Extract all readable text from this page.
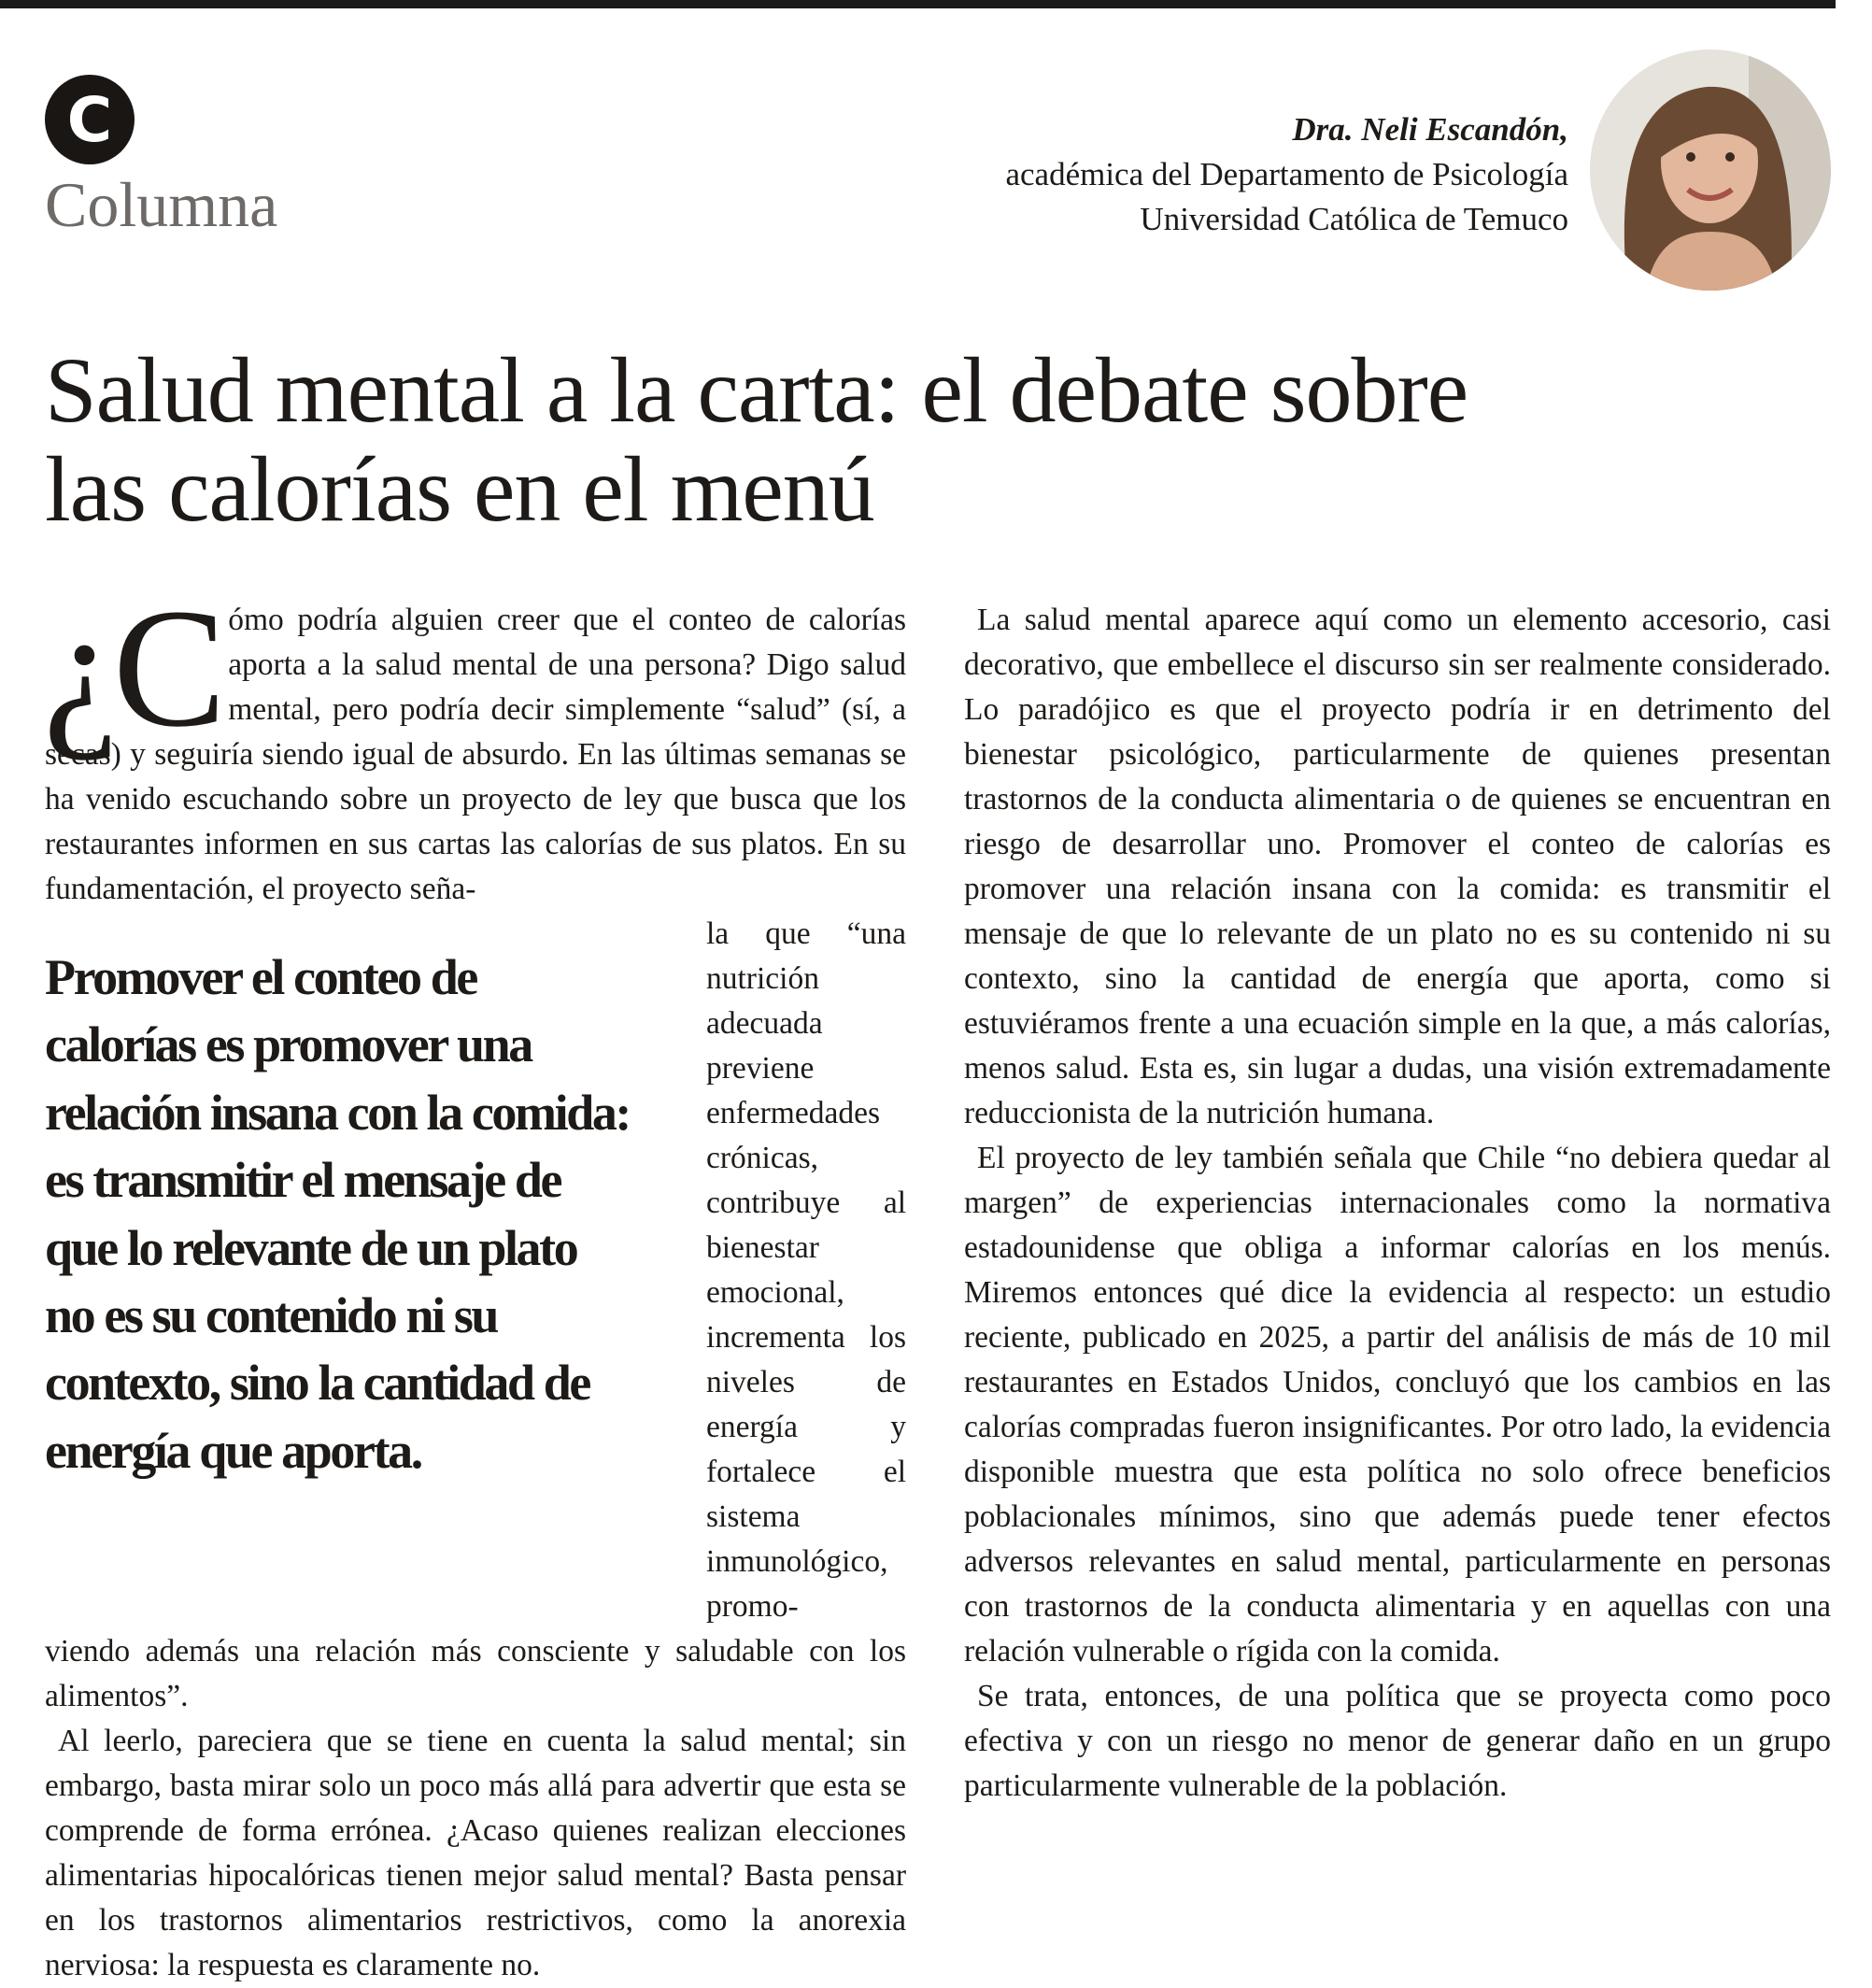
C
Columna
Dra. Neli Escandón,
académica del Departamento de Psicología
Universidad Católica de Temuco
Salud mental a la carta: el debate sobre
las calorías en el menú

¿C ómo podría alguien creer que el conteo de calorías aporta a la salud mental de una persona? Digo salud mental, pero podría decir simplemente “salud” (sí, a secas) y seguiría siendo igual de absurdo. En las últimas semanas se ha venido escuchando sobre un proyecto de ley que busca que los restaurantes informen en sus cartas las calorías de sus platos. En su fundamentación, el proyecto seña-

la que “una nutrición adecuada previene enfermedades crónicas, contribuye al bienestar emocional, incrementa los niveles de energía y fortalece el sistema inmunológico, promo-

viendo además una relación más consciente y saludable con los alimentos”.

Al leerlo, pareciera que se tiene en cuenta la salud mental; sin embargo, basta mirar solo un poco más allá para advertir que esta se comprende de forma errónea. ¿Acaso quienes realizan elecciones alimentarias hipocalóricas tienen mejor salud mental? Basta pensar en los trastornos alimentarios restrictivos, como la anorexia nerviosa: la respuesta es claramente no.

Promover el conteo de
calorías es promover una
relación insana con la comida:
es transmitir el mensaje de
que lo relevante de un plato
no es su contenido ni su
contexto, sino la cantidad de
energía que aporta.

La salud mental aparece aquí como un elemento accesorio, casi decorativo, que embellece el discurso sin ser realmente considerado. Lo paradójico es que el proyecto podría ir en detrimento del bienestar psicológico, particularmente de quienes presentan trastornos de la conducta alimentaria o de quienes se encuentran en riesgo de desarrollar uno. Promover el conteo de calorías es promover una relación insana con la comida: es transmitir el mensaje de que lo relevante de un plato no es su contenido ni su contexto, sino la cantidad de energía que aporta, como si estuviéramos frente a una ecuación simple en la que, a más calorías, menos salud. Esta es, sin lugar a dudas, una visión extremadamente reduccionista de la nutrición humana.

El proyecto de ley también señala que Chile “no debiera quedar al margen” de experiencias internacionales como la normativa estadounidense que obliga a informar calorías en los menús. Miremos entonces qué dice la evidencia al respecto: un estudio reciente, publicado en 2025, a partir del análisis de más de 10 mil restaurantes en Estados Unidos, concluyó que los cambios en las calorías compradas fueron insignificantes. Por otro lado, la evidencia disponible muestra que esta política no solo ofrece beneficios poblacionales mínimos, sino que además puede tener efectos adversos relevantes en salud mental, particularmente en personas con trastornos de la conducta alimentaria y en aquellas con una relación vulnerable o rígida con la comida.

Se trata, entonces, de una política que se proyecta como poco efectiva y con un riesgo no menor de generar daño en un grupo particularmente vulnerable de la población.
